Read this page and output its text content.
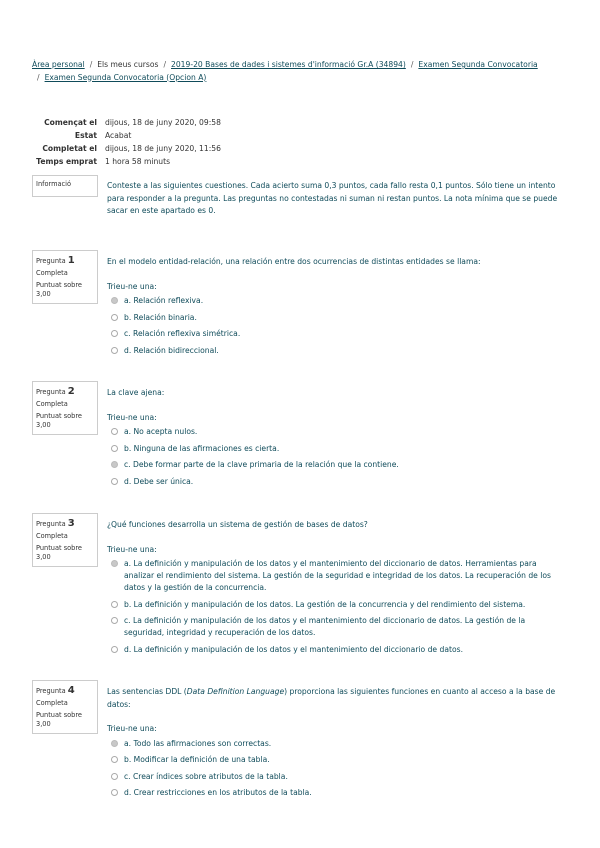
Àrea personal / Els meus cursos / 2019-20 Bases de dades i sistemes d'informació Gr.A (34894) / Examen Segunda Convocatoria
/ Examen Segunda Convocatoria (Opcion A)
Començat el	dijous, 18 de juny 2020, 09:58
Estat	Acabat
Completat el	dijous, 18 de juny 2020, 11:56
Temps emprat	1 hora 58 minuts
Informació	Conteste a las siguientes cuestiones. Cada acierto suma 0,3 puntos, cada fallo resta 0,1 puntos. Sólo tiene un intento para responder a la pregunta. Las preguntas no contestadas ni suman ni restan puntos. La nota mínima que se puede sacar en este apartado es 0.
Pregunta 1
Completa
Puntuat sobre
3,00
En el modelo entidad-relación, una relación entre dos ocurrencias de distintas entidades se llama:
Trieu-ne una:
a. Relación reflexiva.
b. Relación binaria.
c. Relación reflexiva simétrica.
d. Relación bidireccional.
Pregunta 2
Completa
Puntuat sobre
3,00
La clave ajena:
Trieu-ne una:
a. No acepta nulos.
b. Ninguna de las afirmaciones es cierta.
c. Debe formar parte de la clave primaria de la relación que la contiene.
d. Debe ser única.
Pregunta 3
Completa
Puntuat sobre
3,00
¿Qué funciones desarrolla un sistema de gestión de bases de datos?
Trieu-ne una:
a. La definición y manipulación de los datos y el mantenimiento del diccionario de datos. Herramientas para analizar el rendimiento del sistema. La gestión de la seguridad e integridad de los datos. La recuperación de los datos y la gestión de la concurrencia.
b. La definición y manipulación de los datos. La gestión de la concurrencia y del rendimiento del sistema.
c. La definición y manipulación de los datos y el mantenimiento del diccionario de datos. La gestión de la seguridad, integridad y recuperación de los datos.
d. La definición y manipulación de los datos y el mantenimiento del diccionario de datos.
Pregunta 4
Completa
Puntuat sobre
3,00
Las sentencias DDL (Data Definition Language) proporciona las siguientes funciones en cuanto al acceso a la base de datos:
Trieu-ne una:
a. Todo las afirmaciones son correctas.
b. Modificar la definición de una tabla.
c. Crear índices sobre atributos de la tabla.
d. Crear restricciones en los atributos de la tabla.
